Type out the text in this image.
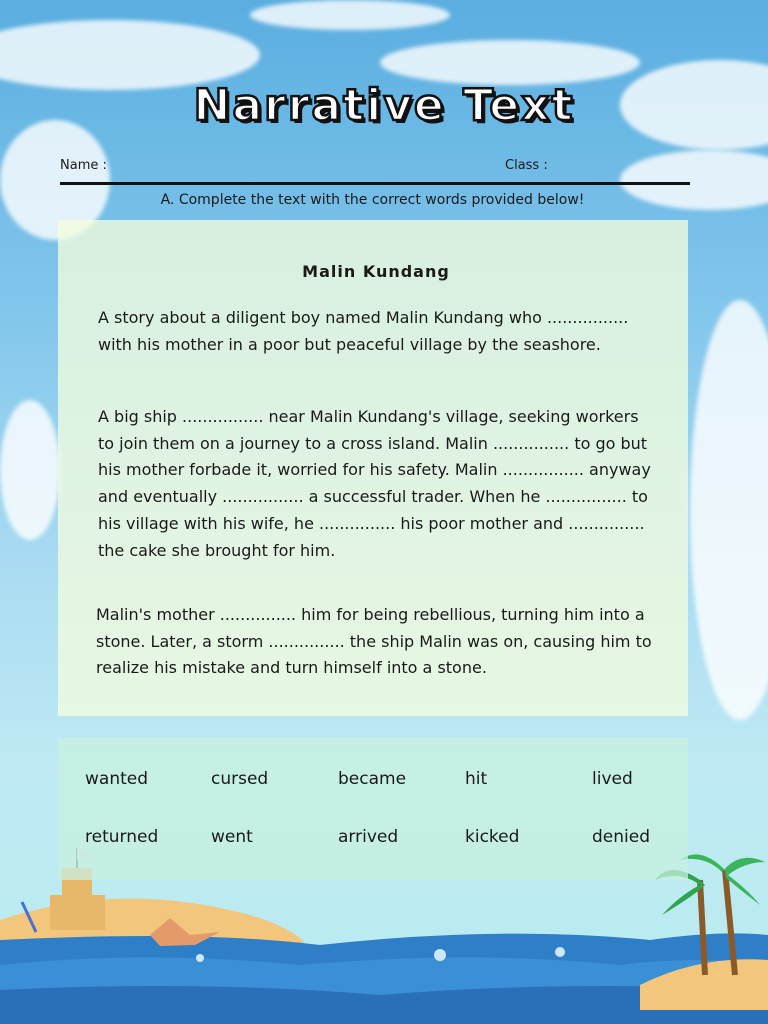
Narrative Text
Name :	Class :
A. Complete the text with the correct words provided below!
Malin Kundang
A story about a diligent boy named Malin Kundang who ................ with his mother in a poor but peaceful village by the seashore.
A big ship ................ near Malin Kundang's village, seeking workers to join them on a journey to a cross island. Malin ............... to go but his mother forbade it, worried for his safety. Malin ................ anyway and eventually ................ a successful trader. When he ................ to his village with his wife, he ............... his poor mother and ............... the cake she brought for him.
Malin's mother ............... him for being rebellious, turning him into a stone. Later, a storm ............... the ship Malin was on, causing him to realize his mistake and turn himself into a stone.
wanted	cursed	became	hit	lived
returned	went	arrived	kicked	denied
